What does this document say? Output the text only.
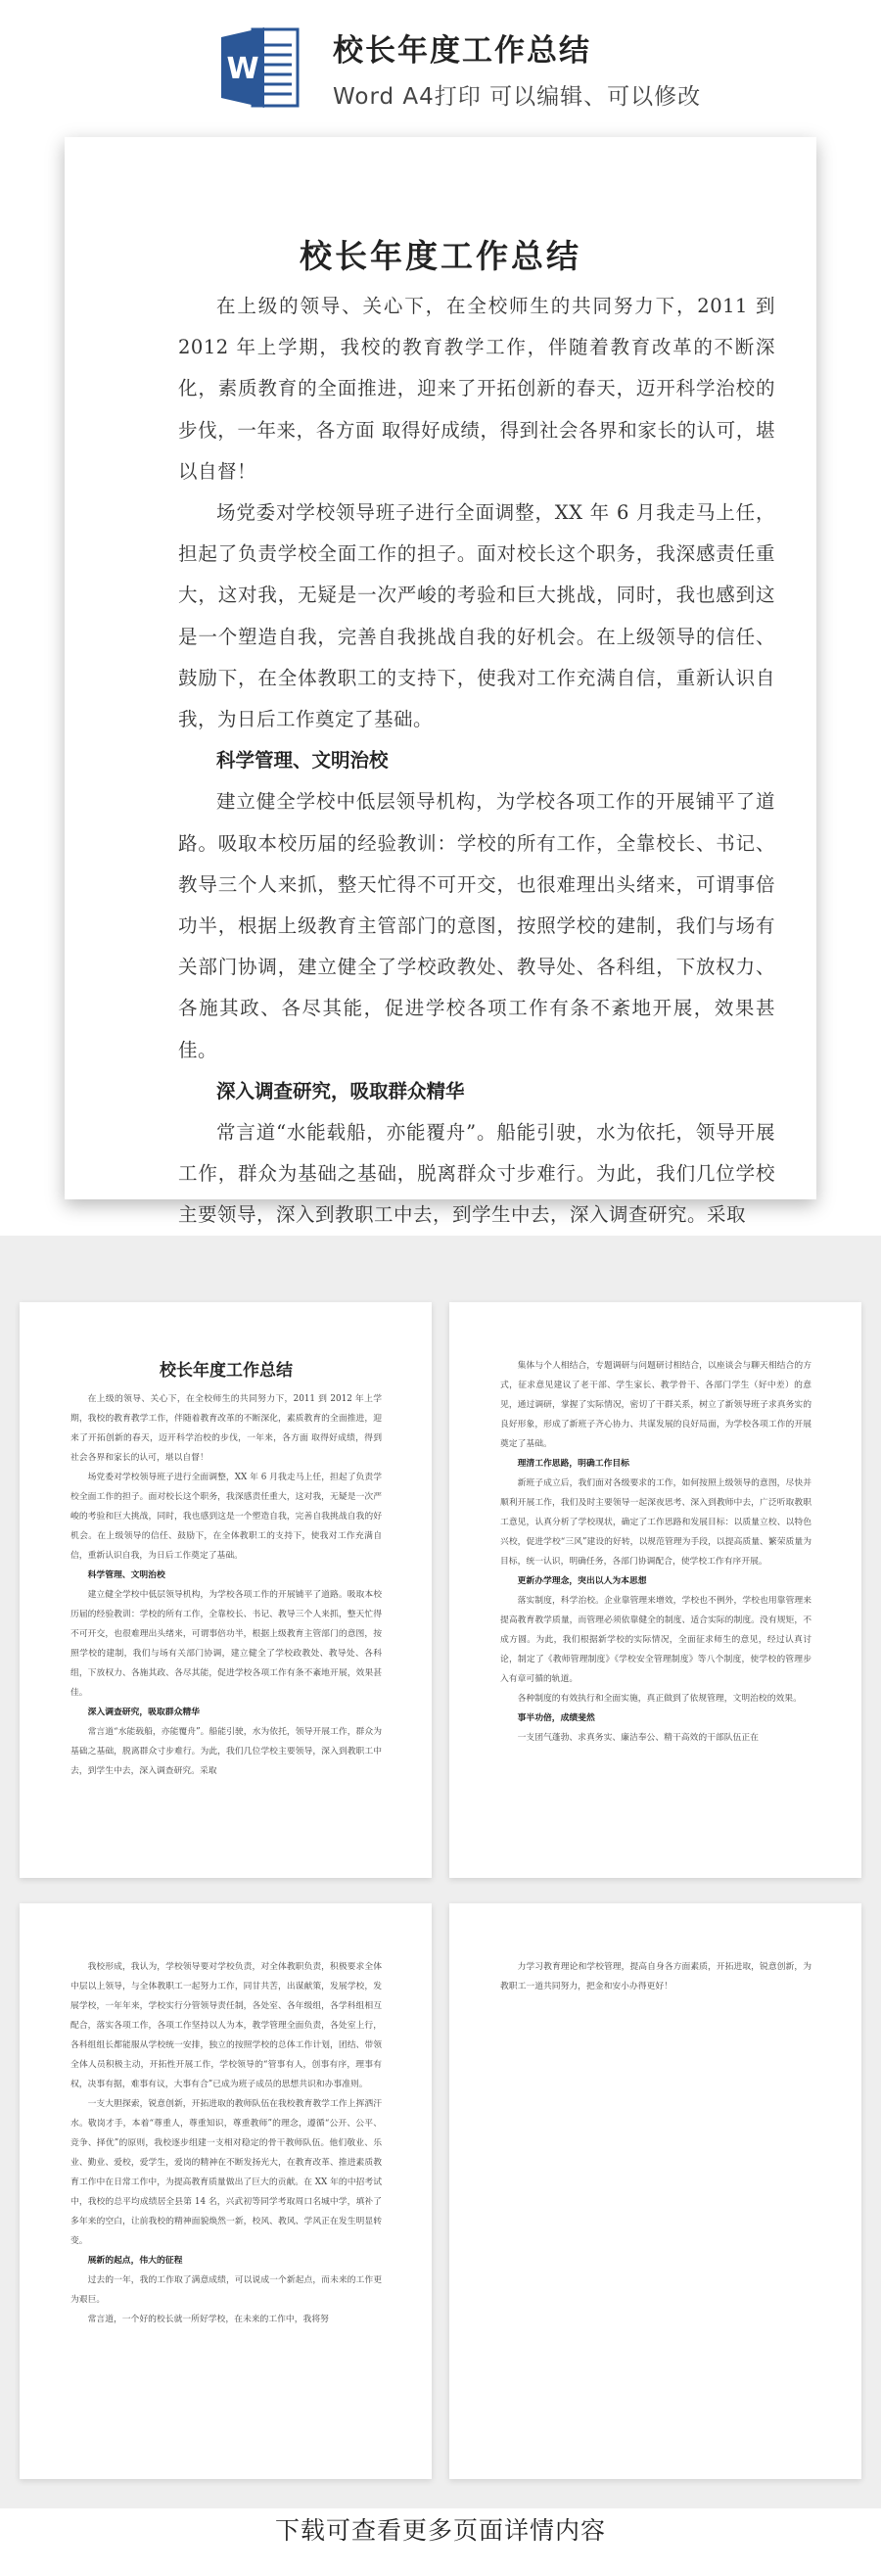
W
校长年度工作总结
Word A4打印 可以编辑、可以修改

在上级的领导、关心下，在全校师生的共同努力下，2011 到 2012 年上学期，我校的教育教学工作，伴随着教育改革的不断深化，素质教育的全面推进，迎来了开拓创新的春天，迈开科学治校的步伐，一年来，各方面 取得好成绩，得到社会各界和家长的认可，堪以自督！

场党委对学校领导班子进行全面调整，XX 年 6 月我走马上任，担起了负责学校全面工作的担子。面对校长这个职务，我深感责任重大，这对我，无疑是一次严峻的考验和巨大挑战，同时，我也感到这是一个塑造自我，完善自我挑战自我的好机会。在上级领导的信任、鼓励下，在全体教职工的支持下，使我对工作充满自信，重新认识自我，为日后工作奠定了基础。

科学管理、文明治校

建立健全学校中低层领导机构，为学校各项工作的开展铺平了道路。吸取本校历届的经验教训：学校的所有工作，全靠校长、书记、教导三个人来抓，整天忙得不可开交，也很难理出头绪来，可谓事倍功半，根据上级教育主管部门的意图，按照学校的建制，我们与场有关部门协调，建立健全了学校政教处、教导处、各科组，下放权力、各施其政、各尽其能，促进学校各项工作有条不紊地开展，效果甚佳。

深入调查研究，吸取群众精华

常言道“水能载船，亦能覆舟”。船能引驶，水为依托，领导开展工作，群众为基础之基础，脱离群众寸步难行。为此，我们几位学校主要领导，深入到教职工中去，到学生中去，深入调查研究。采取

校长年度工作总结
校长年度工作总结

在上级的领导、关心下，在全校师生的共同努力下，2011 到 2012 年上学期，我校的教育教学工作，伴随着教育改革的不断深化，素质教育的全面推进，迎来了开拓创新的春天，迈开科学治校的步伐，一年来，各方面 取得好成绩，得到社会各界和家长的认可，堪以自督！

场党委对学校领导班子进行全面调整，XX 年 6 月我走马上任，担起了负责学校全面工作的担子。面对校长这个职务，我深感责任重大，这对我，无疑是一次严峻的考验和巨大挑战，同时，我也感到这是一个塑造自我，完善自我挑战自我的好机会。在上级领导的信任、鼓励下，在全体教职工的支持下，使我对工作充满自信，重新认识自我，为日后工作奠定了基础。

科学管理、文明治校

建立健全学校中低层领导机构，为学校各项工作的开展铺平了道路。吸取本校历届的经验教训：学校的所有工作，全靠校长、书记、教导三个人来抓，整天忙得不可开交，也很难理出头绪来，可谓事倍功半，根据上级教育主管部门的意图，按照学校的建制，我们与场有关部门协调，建立健全了学校政教处、教导处、各科组，下放权力、各施其政、各尽其能，促进学校各项工作有条不紊地开展，效果甚佳。

深入调查研究，吸取群众精华

常言道“水能载船，亦能覆舟”。船能引驶，水为依托，领导开展工作，群众为基础之基础，脱离群众寸步难行。为此，我们几位学校主要领导，深入到教职工中去，到学生中去，深入调查研究。采取

集体与个人相结合，专题调研与问题研讨相结合，以座谈会与聊天相结合的方式，征求意见建议了老干部、学生家长、教学骨干、各部门学生（好中差）的意见，通过调研，掌握了实际情况，密切了干群关系，树立了新领导班子求真务实的良好形象，形成了新班子齐心协力、共谋发展的良好局面，为学校各项工作的开展奠定了基础。

理清工作思路，明确工作目标

新班子成立后，我们面对各级要求的工作，如何按照上级领导的意图，尽快并顺利开展工作，我们及时主要领导一起深夜思考、深入到教师中去，广泛听取教职工意见，认真分析了学校现状，确定了工作思路和发展目标：以质量立校、以特色兴校，促进学校“三风”建设的好转，以规范管理为手段，以提高质量、繁荣质量为目标，统一认识，明确任务，各部门协调配合，使学校工作有序开展。

更新办学理念，突出以人为本思想

落实制度，科学治校。企业靠管理来增效，学校也不例外，学校也用靠管理来提高教育教学质量，而管理必须依靠健全的制度、适合实际的制度。没有规矩，不成方圆。为此，我们根据新学校的实际情况，全面征求师生的意见，经过认真讨论，制定了《教师管理制度》《学校安全管理制度》等八个制度，使学校的管理步入有章可循的轨道。

各种制度的有效执行和全面实施，真正做到了依规管理，文明治校的效果。

事半功倍，成绩斐然

一支团气蓬勃、求真务实、廉洁奉公、精干高效的干部队伍正在

我校形成，我认为，学校领导要对学校负责，对全体教职负责，积极要求全体中层以上领导，与全体教职工一起努力工作，同甘共苦，出谋献策，发展学校，发展学校，一年年来，学校实行分管领导责任制，各处室、各年级组，各学科组相互配合，落实各项工作，各项工作坚持以人为本，教学管理全面负责，各处室上行，各科组组长都能服从学校统一安排，独立的按照学校的总体工作计划，团结、带领全体人员积极主动，开拓性开展工作，学校领导的“管事有人，创事有序，理事有权，决事有据，难事有议，大事有合”已成为班子成员的思想共识和办事准则。

一支大胆探索，锐意创新，开拓进取的教师队伍在我校教育教学工作上挥洒汗水。敬岗才手，本着“尊重人，尊重知识，尊重教师”的理念，遵循“公开、公平、竞争、择优”的原则，我校逐步组建一支相对稳定的骨干教师队伍。他们敬业、乐业、勤业、爱校，爱学生，爱岗的精神在不断发扬光大，在教育改革、推进素质教育工作中在日常工作中，为提高教育质量做出了巨大的贡献。在 XX 年的中招考试中，我校的总平均成绩居全县第 14 名，兴武初等同学考取周口名城中学，填补了多年来的空白，让前我校的精神面貌焕然一新，校风、教风、学风正在发生明显转变。

展新的起点，伟大的征程

过去的一年，我的工作取了满意成绩，可以说成一个新起点，而未来的工作更为艰巨。

常言道，一个好的校长就一所好学校，在未来的工作中，我将努

力学习教育理论和学校管理，提高自身各方面素质，开拓进取，锐意创新，为教职工一道共同努力，把金和安小办得更好！

下载可查看更多页面详情内容
